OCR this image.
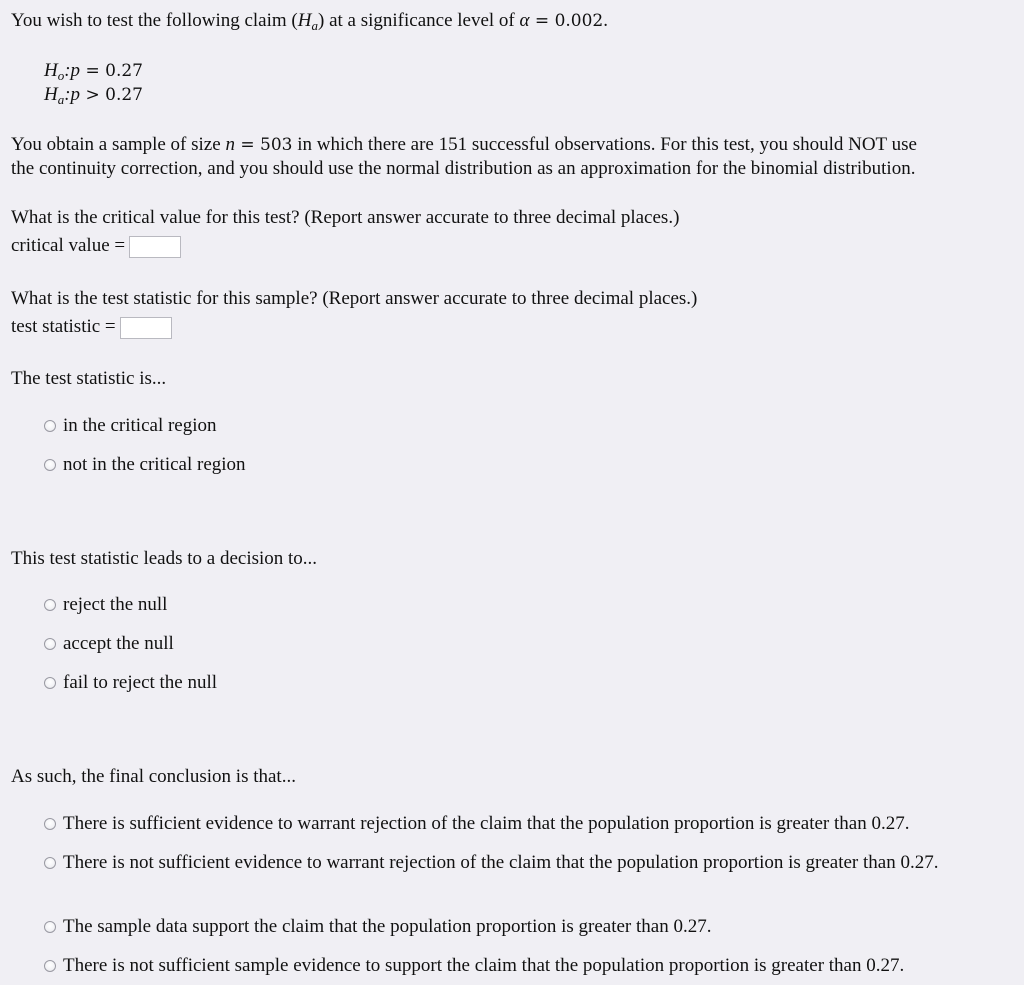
You wish to test the following claim $(H_a)$ at a significance level of α = 0.002.
$H_o:p = 0.27$
$H_a:p > 0.27$
You obtain a sample of size n = 503 in which there are 151 successful observations. For this test, you should NOT use
the continuity correction, and you should use the normal distribution as an approximation for the binomial distribution.
What is the critical value for this test? (Report answer accurate to three decimal places.)
critical value =
What is the test statistic for this sample? (Report answer accurate to three decimal places.)
test statistic =
The test statistic is...
in the critical region
not in the critical region
This test statistic leads to a decision to...
reject the null
accept the null
fail to reject the null
As such, the final conclusion is that...
There is sufficient evidence to warrant rejection of the claim that the population proportion is greater than 0.27.
There is not sufficient evidence to warrant rejection of the claim that the population proportion is greater than 0.27.
The sample data support the claim that the population proportion is greater than 0.27.
There is not sufficient sample evidence to support the claim that the population proportion is greater than 0.27.
